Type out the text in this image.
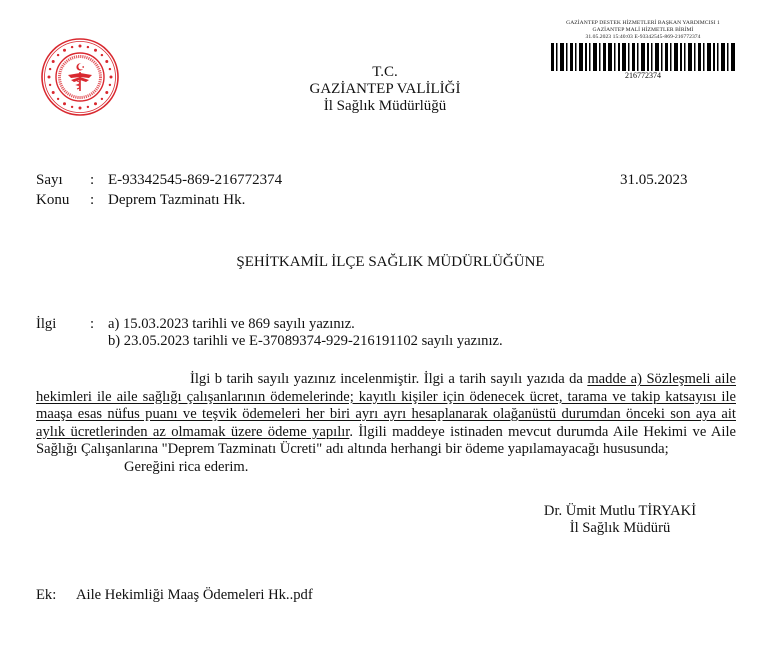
T.C.
GAZİANTEP VALİLİĞİ
İl Sağlık Müdürlüğü
GAZİANTEP DESTEK HİZMETLERİ BAŞKAN YARDIMCISI 1
GAZİANTEP MALİ HİZMETLER BİRİMİ
31.05.2023 15:40:03 E-93342545-869-216772374
216772374
Sayı	: E-93342545-869-216772374
Konu	: Deprem Tazminatı Hk.
31.05.2023
ŞEHİTKAMİL İLÇE SAĞLIK MÜDÜRLÜĞÜNE
İlgi	: a) 15.03.2023 tarihli ve 869 sayılı yazınız.
b) 23.05.2023 tarihli ve E-37089374-929-216191102 sayılı yazınız.

İlgi b tarih sayılı yazınız incelenmiştir. İlgi a tarih sayılı yazıda da madde a) Sözleşmeli aile hekimleri ile aile sağlığı çalışanlarının ödemelerinde; kayıtlı kişiler için ödenecek ücret, tarama ve takip katsayısı ile maaşa esas nüfus puanı ve teşvik ödemeleri her biri ayrı ayrı hesaplanarak olağanüstü durumdan önceki son aya ait aylık ücretlerinden az olmamak üzere ödeme yapılır. İlgili maddeye istinaden mevcut durumda Aile Hekimi ve Aile Sağlığı Çalışanlarına "Deprem Tazminatı Ücreti" adı altında herhangi bir ödeme yapılamayacağı hususunda;

Gereğini rica ederim.

Dr. Ümit Mutlu TİRYAKİ
İl Sağlık Müdürü
Ek:	Aile Hekimliği Maaş Ödemeleri Hk..pdf
